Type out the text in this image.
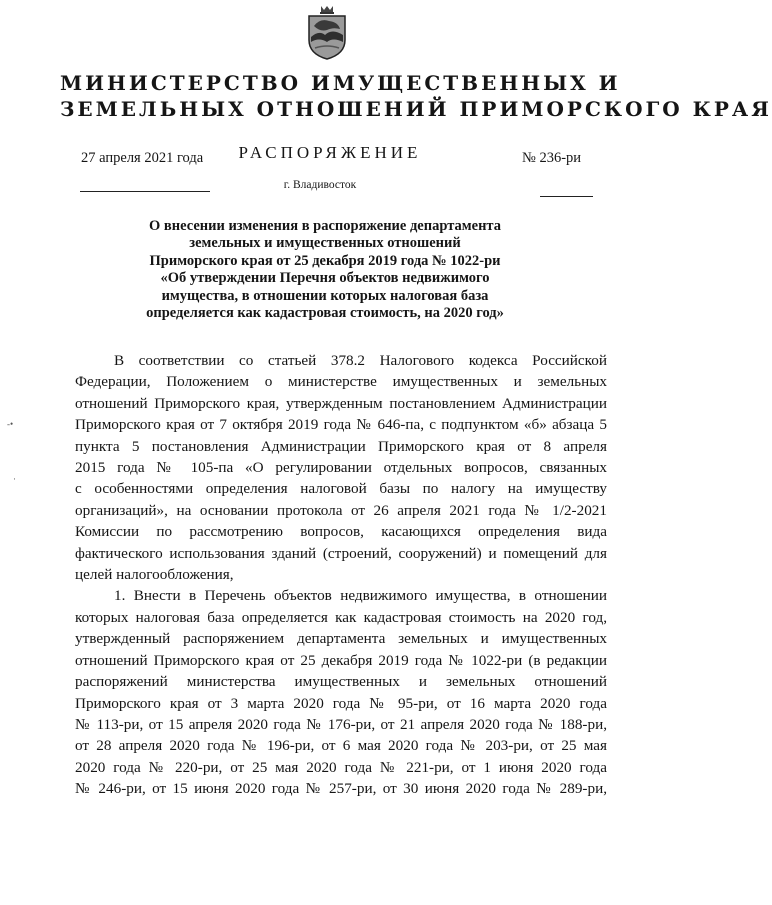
МИНИСТЕРСТВО ИМУЩЕСТВЕННЫХ И
ЗЕМЕЛЬНЫХ ОТНОШЕНИЙ ПРИМОРСКОГО КРАЯ
РАСПОРЯЖЕНИЕ
27 апреля 2021 года	№ 236-ри
г. Владивосток
О внесении изменения в распоряжение департамента
земельных и имущественных отношений
Приморского края от 25 декабря 2019 года № 1022-ри
«Об утверждении Перечня объектов недвижимого
имущества, в отношении которых налоговая база
определяется как кадастровая стоимость, на 2020 год»
В соответствии со статьей 378.2 Налогового кодекса Российской
Федерации, Положением о министерстве имущественных и земельных
отношений Приморского края, утвержденным постановлением Администрации
Приморского края от 7 октября 2019 года № 646-па, с подпунктом «б» абзаца 5
пункта 5 постановления Администрации Приморского края от 8 апреля
2015 года № 105-па «О регулировании отдельных вопросов, связанных
с особенностями определения налоговой базы по налогу на имуществу
организаций», на основании протокола от 26 апреля 2021 года № 1/2-2021
Комиссии по рассмотрению вопросов, касающихся определения вида
фактического использования зданий (строений, сооружений) и помещений для
целей налогообложения,
1. Внести в Перечень объектов недвижимого имущества, в отношении
которых налоговая база определяется как кадастровая стоимость на 2020 год,
утвержденный распоряжением департамента земельных и имущественных
отношений Приморского края от 25 декабря 2019 года № 1022-ри (в редакции
распоряжений министерства имущественных и земельных отношений
Приморского края от 3 марта 2020 года № 95-ри, от 16 марта 2020 года
№ 113-ри, от 15 апреля 2020 года № 176-ри, от 21 апреля 2020 года № 188-ри,
от 28 апреля 2020 года № 196-ри, от 6 мая 2020 года № 203-ри, от 25 мая
2020 года № 220-ри, от 25 мая 2020 года № 221-ри, от 1 июня 2020 года
№ 246-ри, от 15 июня 2020 года № 257-ри, от 30 июня 2020 года № 289-ри,
-•
·
